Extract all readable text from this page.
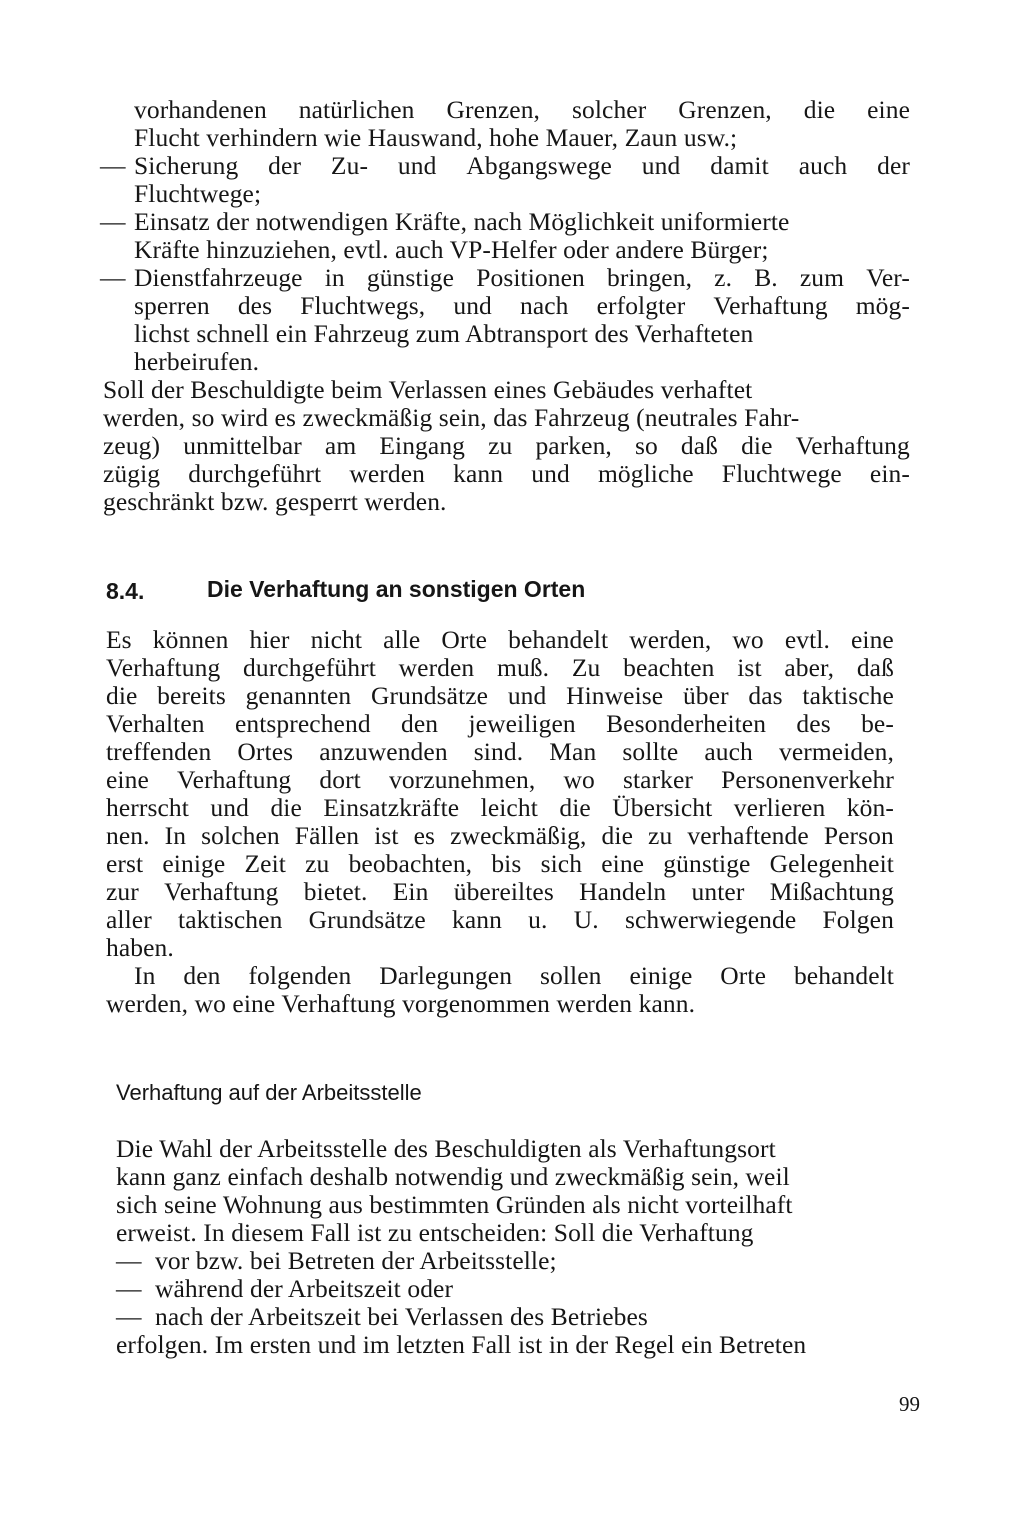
vorhandenen natürlichen Grenzen, solcher Grenzen, die eine
Flucht verhindern wie Hauswand, hohe Mauer, Zaun usw.;
— Sicherung der Zu- und Abgangswege und damit auch der
Fluchtwege;
— Einsatz der notwendigen Kräfte, nach Möglichkeit uniformierte
Kräfte hinzuziehen, evtl. auch VP-Helfer oder andere Bürger;
— Dienstfahrzeuge in günstige Positionen bringen, z. B. zum Ver-
sperren des Fluchtwegs, und nach erfolgter Verhaftung mög-
lichst schnell ein Fahrzeug zum Abtransport des Verhafteten
herbeirufen.
Soll der Beschuldigte beim Verlassen eines Gebäudes verhaftet
werden, so wird es zweckmäßig sein, das Fahrzeug (neutrales Fahr-
zeug) unmittelbar am Eingang zu parken, so daß die Verhaftung
zügig durchgeführt werden kann und mögliche Fluchtwege ein-
geschränkt bzw. gesperrt werden.
8.4.	Die Verhaftung an sonstigen Orten
Es können hier nicht alle Orte behandelt werden, wo evtl. eine
Verhaftung durchgeführt werden muß. Zu beachten ist aber, daß
die bereits genannten Grundsätze und Hinweise über das taktische
Verhalten entsprechend den jeweiligen Besonderheiten des be-
treffenden Ortes anzuwenden sind. Man sollte auch vermeiden,
eine Verhaftung dort vorzunehmen, wo starker Personenverkehr
herrscht und die Einsatzkräfte leicht die Übersicht verlieren kön-
nen. In solchen Fällen ist es zweckmäßig, die zu verhaftende Person
erst einige Zeit zu beobachten, bis sich eine günstige Gelegenheit
zur Verhaftung bietet. Ein übereiltes Handeln unter Mißachtung
aller taktischen Grundsätze kann u. U. schwerwiegende Folgen
haben.
In den folgenden Darlegungen sollen einige Orte behandelt
werden, wo eine Verhaftung vorgenommen werden kann.
Verhaftung auf der Arbeitsstelle
Die Wahl der Arbeitsstelle des Beschuldigten als Verhaftungsort
kann ganz einfach deshalb notwendig und zweckmäßig sein, weil
sich seine Wohnung aus bestimmten Gründen als nicht vorteilhaft
erweist. In diesem Fall ist zu entscheiden: Soll die Verhaftung
— vor bzw. bei Betreten der Arbeitsstelle;
— während der Arbeitszeit oder
— nach der Arbeitszeit bei Verlassen des Betriebes
erfolgen. Im ersten und im letzten Fall ist in der Regel ein Betreten
99
